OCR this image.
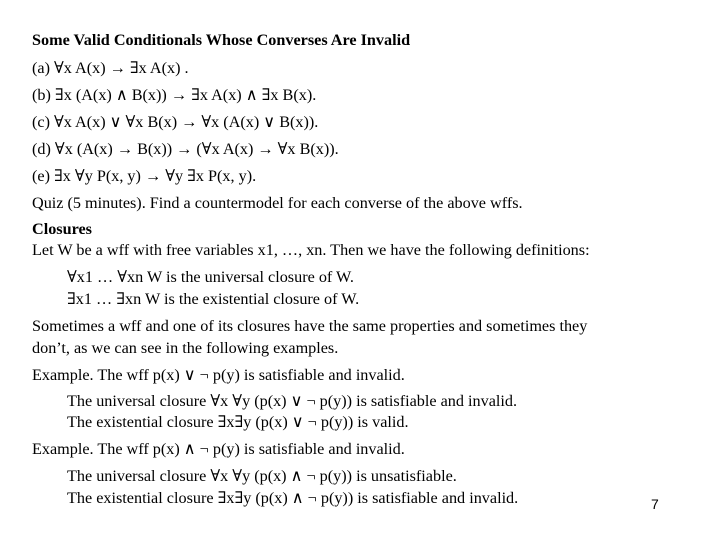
Some Valid Conditionals Whose Converses Are Invalid
(a) ∀x A(x) → ∃x A(x) .
(b) ∃x (A(x) ∧ B(x)) → ∃x A(x) ∧ ∃x B(x).
(c) ∀x A(x) ∨ ∀x B(x) → ∀x (A(x) ∨ B(x)).
(d) ∀x (A(x) → B(x)) → (∀x A(x) → ∀x B(x)).
(e) ∃x ∀y P(x, y) → ∀y ∃x P(x, y).
Quiz (5 minutes). Find a countermodel for each converse of the above wffs.
Closures
Let W be a wff with free variables x1, …, xn. Then we have the following definitions:
∀x1 … ∀xn W is the universal closure of W.
∃x1 … ∃xn W is the existential closure of W.
Sometimes a wff and one of its closures have the same properties and sometimes they
don’t, as we can see in the following examples.
Example. The wff p(x) ∨ ¬ p(y) is satisfiable and invalid.
The universal closure ∀x ∀y (p(x) ∨ ¬ p(y)) is satisfiable and invalid.
The existential closure ∃x∃y (p(x) ∨ ¬ p(y)) is valid.
Example. The wff p(x) ∧ ¬ p(y) is satisfiable and invalid.
The universal closure ∀x ∀y (p(x) ∧ ¬ p(y)) is unsatisfiable.
The existential closure ∃x∃y (p(x) ∧ ¬ p(y)) is satisfiable and invalid.	7
